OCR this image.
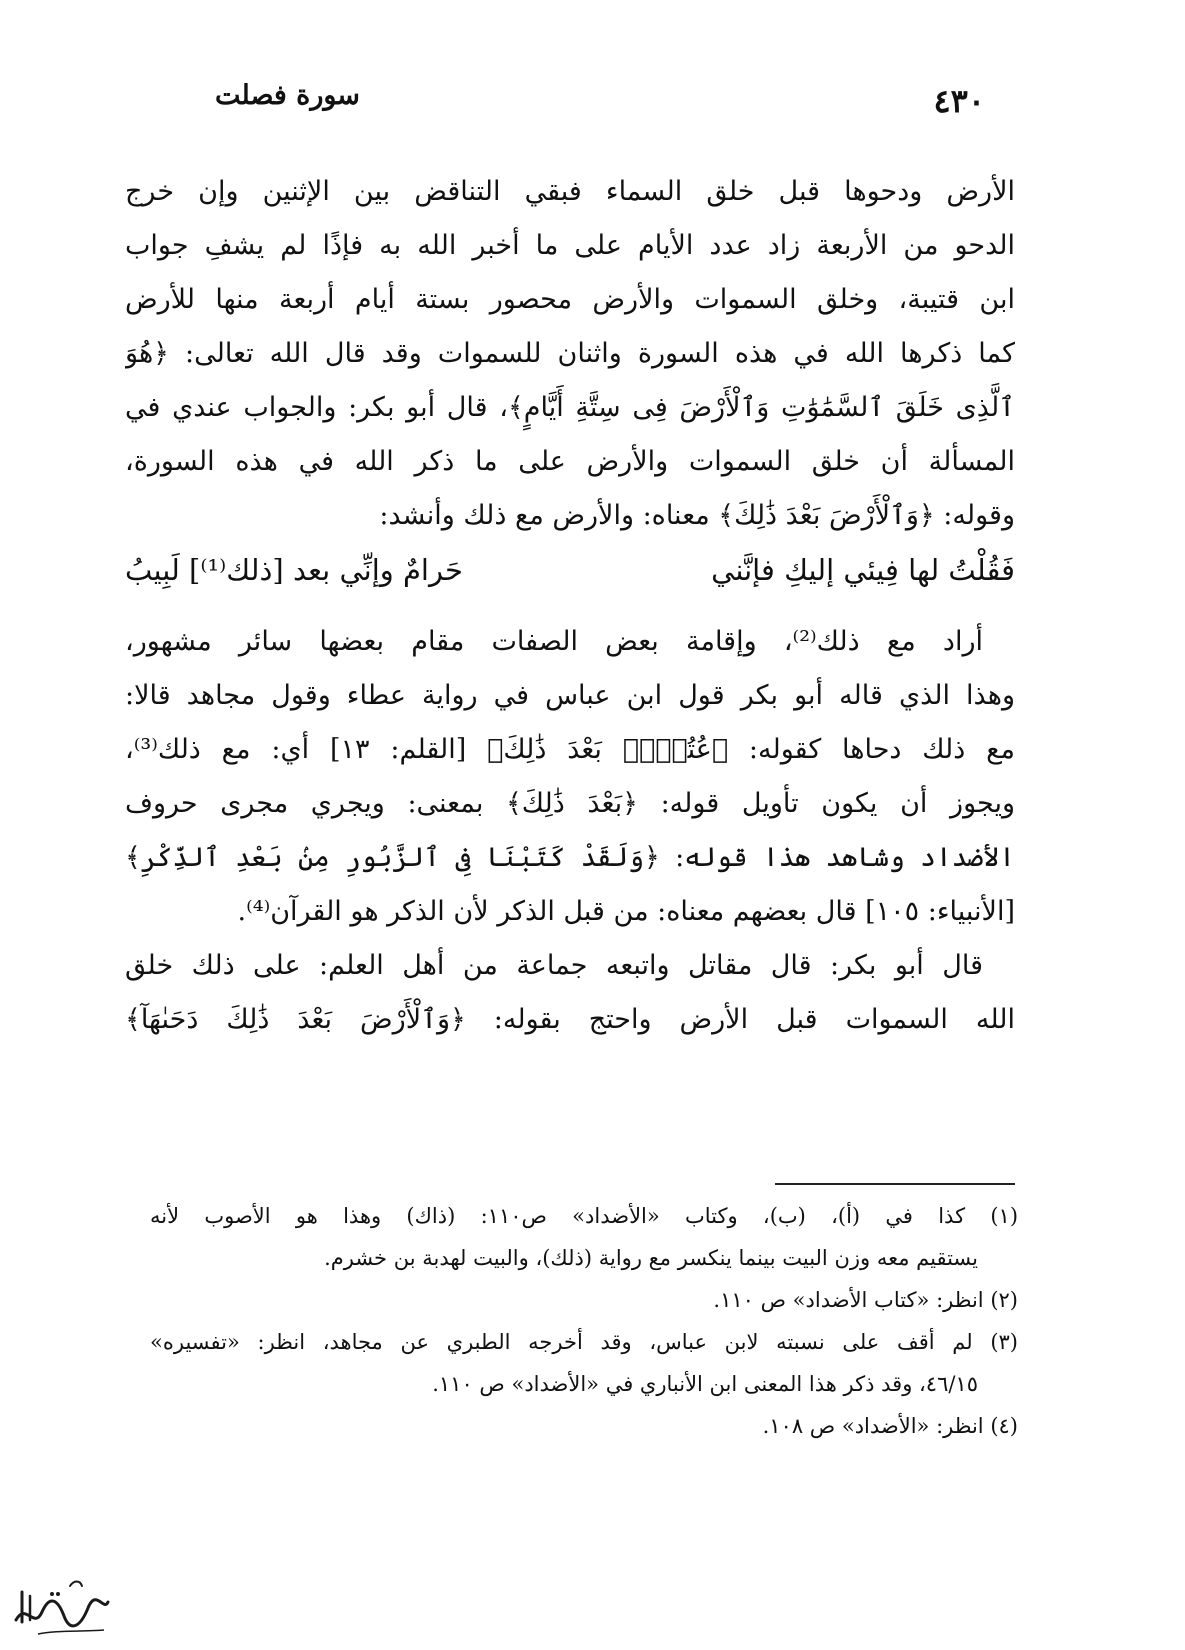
٤٣٠
سورة فصلت
الأرض ودحوها قبل خلق السماء فبقي التناقض بين الإثنين وإن خرج
الدحو من الأربعة زاد عدد الأيام على ما أخبر الله به فإذًا لم يشفِ جواب
ابن قتيبة، وخلق السموات والأرض محصور بستة أيام أربعة منها للأرض
كما ذكرها الله في هذه السورة واثنان للسموات وقد قال الله تعالى: ﴿هُوَ
ٱلَّذِى خَلَقَ ٱلسَّمَٰوَٰتِ وَٱلْأَرْضَ فِى سِتَّةِ أَيَّامٍ﴾، قال أبو بكر: والجواب عندي في
المسألة أن خلق السموات والأرض على ما ذكر الله في هذه السورة،
وقوله: ﴿وَٱلْأَرْضَ بَعْدَ ذَٰلِكَ﴾ معناه: والأرض مع ذلك وأنشد:
فَقُلْتُ لها فِيئي إليكِ فإنَّني
حَرامٌ وإنِّي بعد [ذلك⁽¹⁾] لَبِيبُ
أراد مع ذلك⁽²⁾، وإقامة بعض الصفات مقام بعضها سائر مشهور،
وهذا الذي قاله أبو بكر قول ابن عباس في رواية عطاء وقول مجاهد قالا:
مع ذلك دحاها كقوله: ﴿عُتُلٍّۭ بَعْدَ ذَٰلِكَ﴾ [القلم: ١٣] أي: مع ذلك⁽³⁾،
ويجوز أن يكون تأويل قوله: ﴿بَعْدَ ذَٰلِكَ﴾ بمعنى: ويجري مجرى حروف
الأضداد وشاهد هذا قوله: ﴿وَلَقَدْ كَتَبْنَا فِى ٱلزَّبُورِ مِنۢ بَعْدِ ٱلذِّكْرِ﴾
[الأنبياء: ١٠٥] قال بعضهم معناه: من قبل الذكر لأن الذكر هو القرآن⁽⁴⁾.
قال أبو بكر: قال مقاتل واتبعه جماعة من أهل العلم: على ذلك خلق
الله السموات قبل الأرض واحتج بقوله: ﴿وَٱلْأَرْضَ بَعْدَ ذَٰلِكَ دَحَىٰهَآ﴾
(١) كذا في (أ)، (ب)، وكتاب «الأضداد» ص١١٠: (ذاك) وهذا هو الأصوب لأنه
يستقيم معه وزن البيت بينما ينكسر مع رواية (ذلك)، والبيت لهدبة بن خشرم.
(٢) انظر: «كتاب الأضداد» ص ١١٠.
(٣) لم أقف على نسبته لابن عباس، وقد أخرجه الطبري عن مجاهد، انظر: «تفسيره»
٤٦/١٥، وقد ذكر هذا المعنى ابن الأنباري في «الأضداد» ص ١١٠.
(٤) انظر: «الأضداد» ص ١٠٨.
